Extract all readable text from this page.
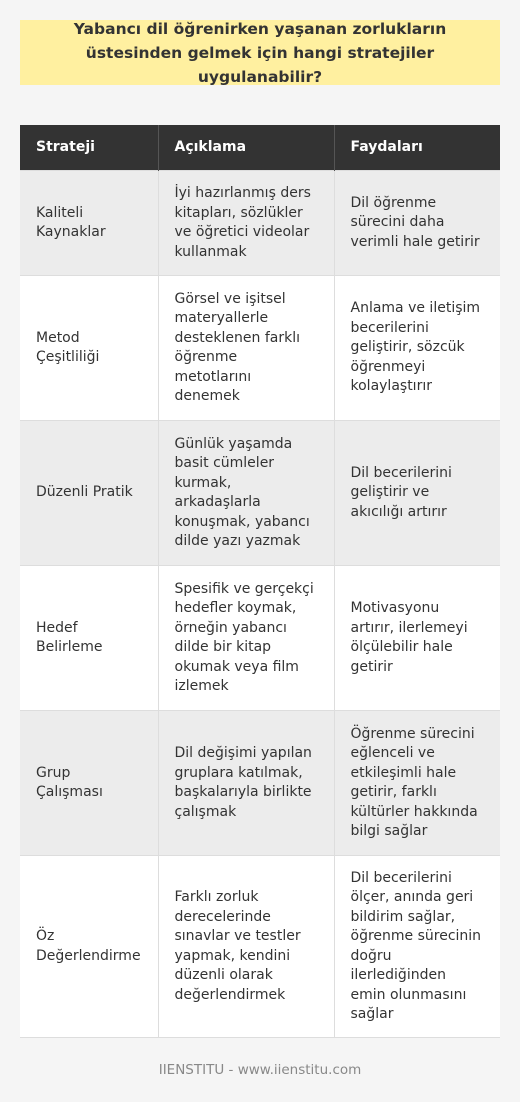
Yabancı dil öğrenirken yaşanan zorlukların üstesinden gelmek için hangi stratejiler uygulanabilir?
Strateji	Açıklama	Faydaları
Kaliteli Kaynaklar	İyi hazırlanmış ders kitapları, sözlükler ve öğretici videolar kullanmak	Dil öğrenme sürecini daha verimli hale getirir
Metod Çeşitliliği	Görsel ve işitsel materyallerle desteklenen farklı öğrenme metotlarını denemek	Anlama ve iletişim becerilerini geliştirir, sözcük öğrenmeyi kolaylaştırır
Düzenli Pratik	Günlük yaşamda basit cümleler kurmak, arkadaşlarla konuşmak, yabancı dilde yazı yazmak	Dil becerilerini geliştirir ve akıcılığı artırır
Hedef Belirleme	Spesifik ve gerçekçi hedefler koymak, örneğin yabancı dilde bir kitap okumak veya film izlemek	Motivasyonu artırır, ilerlemeyi ölçülebilir hale getirir
Grup Çalışması	Dil değişimi yapılan gruplara katılmak, başkalarıyla birlikte çalışmak	Öğrenme sürecini eğlenceli ve etkileşimli hale getirir, farklı kültürler hakkında bilgi sağlar
Öz Değerlendirme	Farklı zorluk derecelerinde sınavlar ve testler yapmak, kendini düzenli olarak değerlendirmek	Dil becerilerini ölçer, anında geri bildirim sağlar, öğrenme sürecinin doğru ilerlediğinden emin olunmasını sağlar
IIENSTITU - www.iienstitu.com
